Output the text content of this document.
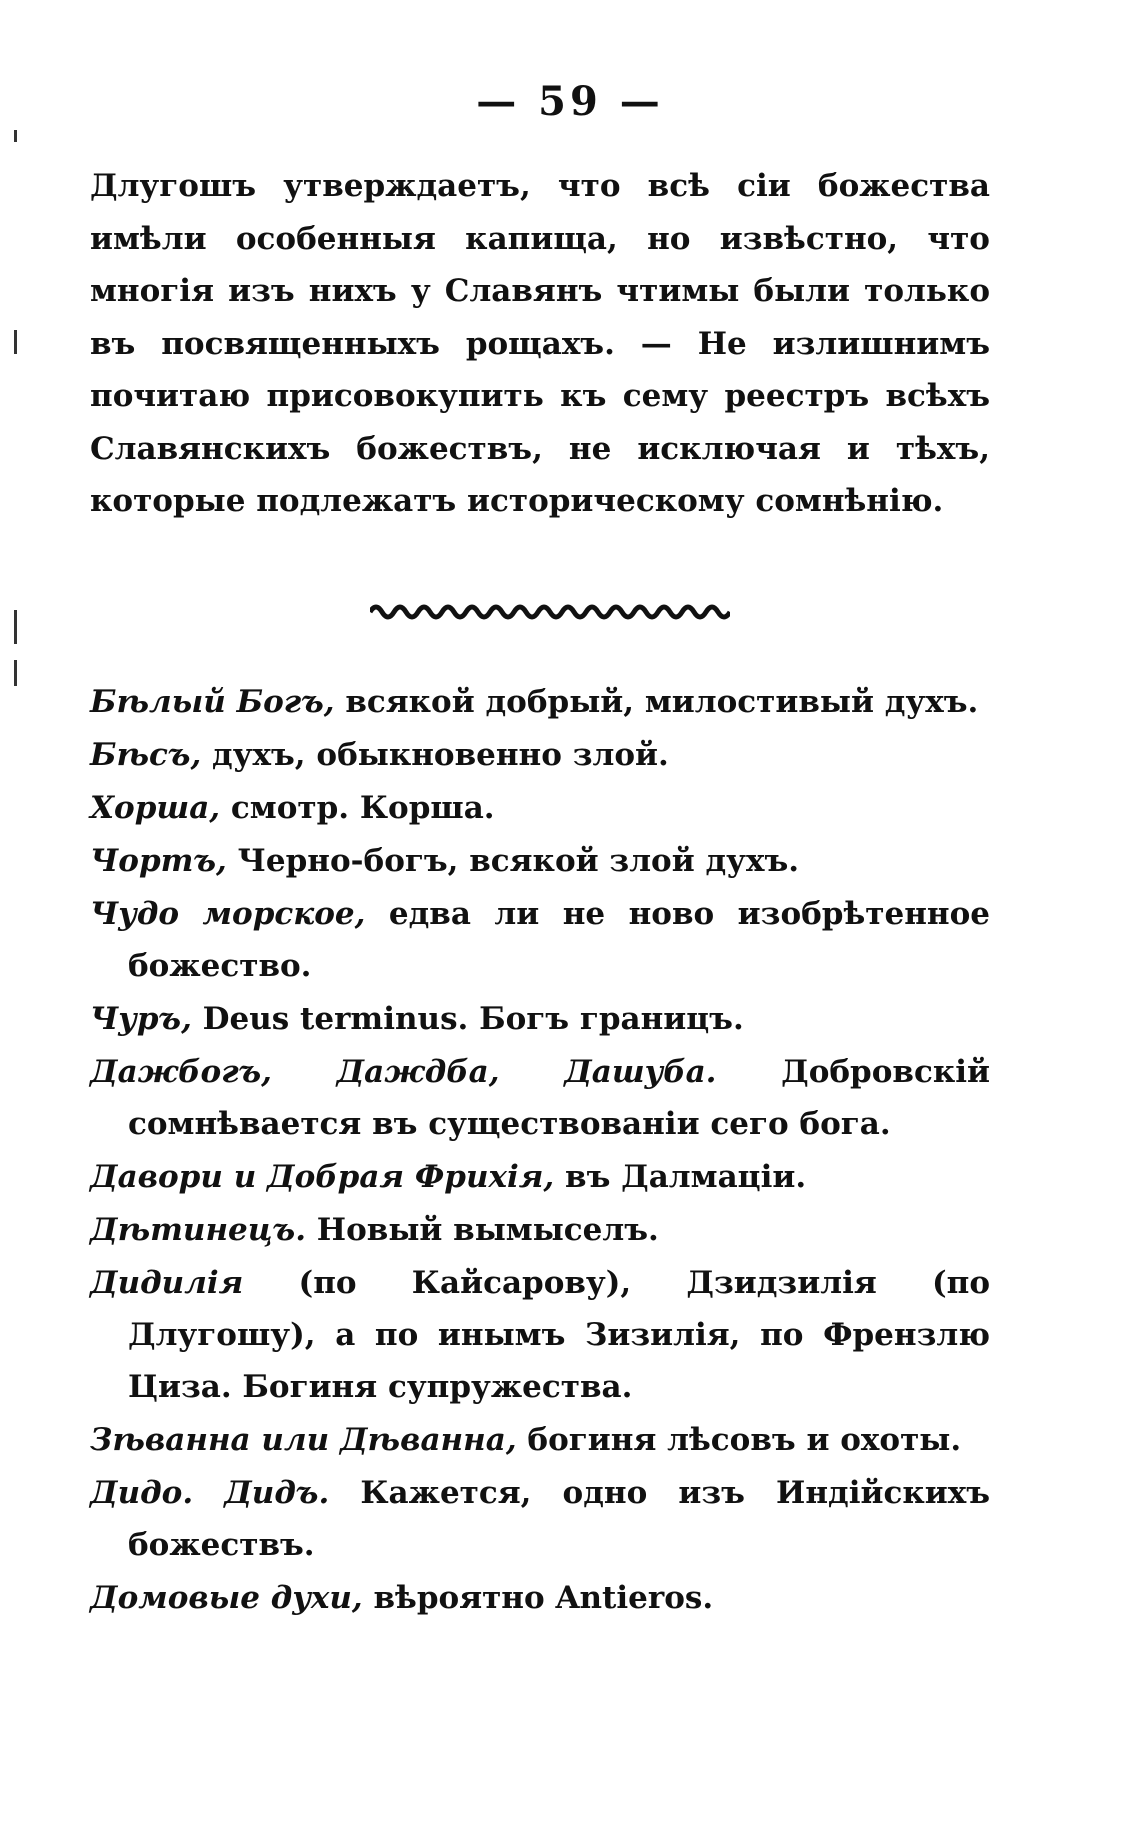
— 59 —

Длугошъ утверждаетъ, что всѣ сіи божества имѣли особенныя капища, но извѣстно, что многія изъ нихъ у Славянъ чтимы были только въ посвященныхъ рощахъ. — Не излишнимъ почитаю присовокупить къ сему реестръ всѣхъ Славянскихъ божествъ, не исключая и тѣхъ, которые подлежатъ историческому сомнѣнію.

Бѣлый Богъ, всякой добрый, милостивый духъ.
Бѣсъ, духъ, обыкновенно злой.
Хорша, смотр. Корша.
Чортъ, Черно-богъ, всякой злой духъ.
Чудо морское, едва ли не ново изобрѣтенное божество.
Чуръ, Deus terminus. Богъ границъ.
Дажбогъ, Даждба, Дашуба. Добровскій сомнѣвается въ существованіи сего бога.
Давори и Добрая Фрихія, въ Далмаціи.
Дѣтинецъ. Новый вымыселъ.
Дидилія (по Кайсарову), Дзидзилія (по Длугошу), а по инымъ Зизилія, по Френзлю Циза. Богиня супружества.
Зѣванна или Дѣванна, богиня лѣсовъ и охоты.
Дидо. Дидъ. Кажется, одно изъ Индійскихъ божествъ.
Домовые духи, вѣроятно Antieros.
